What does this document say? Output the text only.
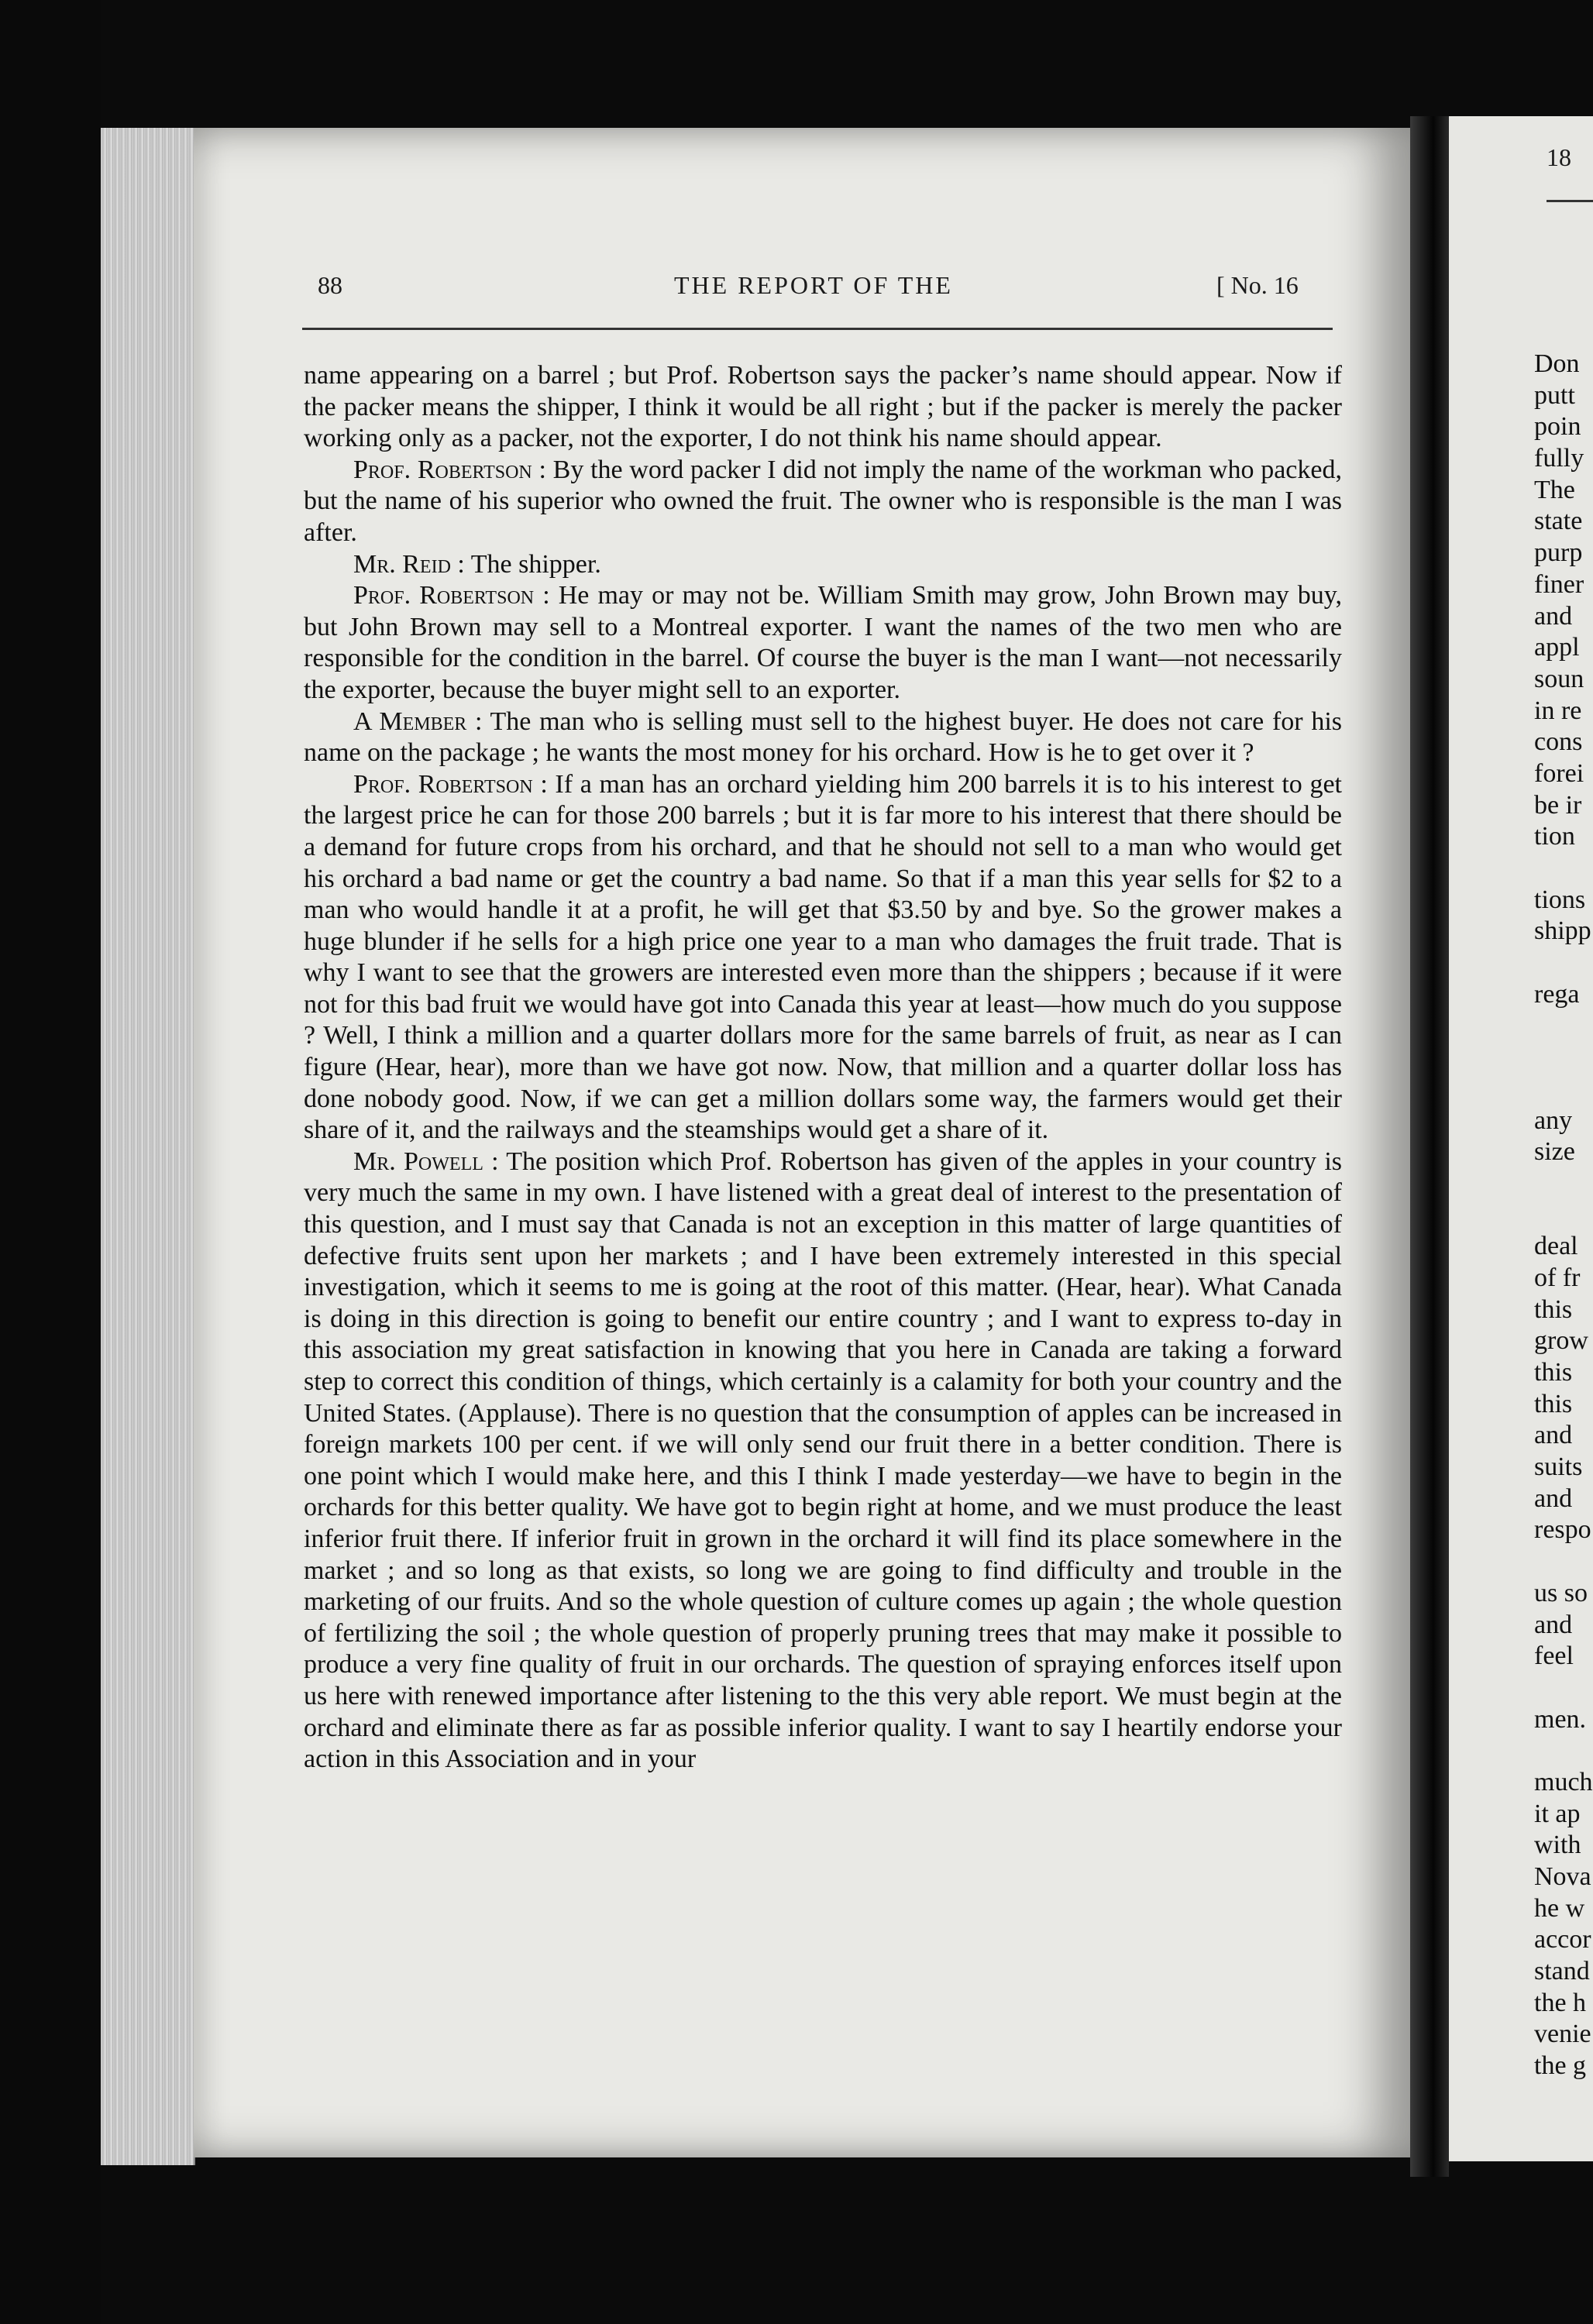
88	THE REPORT OF THE	[ No. 16

name appearing on a barrel ; but Prof. Robertson says the packer’s name should appear. Now if the packer means the shipper, I think it would be all right ; but if the packer is merely the packer working only as a packer, not the exporter, I do not think his name should appear.

Prof. Robertson : By the word packer I did not imply the name of the workman who packed, but the name of his superior who owned the fruit. The owner who is responsible is the man I was after.

Mr. Reid : The shipper.

Prof. Robertson : He may or may not be. William Smith may grow, John Brown may buy, but John Brown may sell to a Montreal exporter. I want the names of the two men who are responsible for the condition in the barrel. Of course the buyer is the man I want—not necessarily the exporter, because the buyer might sell to an exporter.

A Member : The man who is selling must sell to the highest buyer. He does not care for his name on the package ; he wants the most money for his orchard. How is he to get over it ?

Prof. Robertson : If a man has an orchard yielding him 200 barrels it is to his interest to get the largest price he can for those 200 barrels ; but it is far more to his interest that there should be a demand for future crops from his orchard, and that he should not sell to a man who would get his orchard a bad name or get the country a bad name. So that if a man this year sells for $2 to a man who would handle it at a profit, he will get that $3.50 by and bye. So the grower makes a huge blunder if he sells for a high price one year to a man who damages the fruit trade. That is why I want to see that the growers are interested even more than the shippers ; because if it were not for this bad fruit we would have got into Canada this year at least—how much do you suppose ? Well, I think a million and a quarter dollars more for the same barrels of fruit, as near as I can figure (Hear, hear), more than we have got now. Now, that million and a quarter dollar loss has done nobody good. Now, if we can get a million dollars some way, the farmers would get their share of it, and the railways and the steamships would get a share of it.

Mr. Powell : The position which Prof. Robertson has given of the apples in your country is very much the same in my own. I have listened with a great deal of interest to the presentation of this question, and I must say that Canada is not an exception in this matter of large quantities of defective fruits sent upon her markets ; and I have been extremely interested in this special investigation, which it seems to me is going at the root of this matter. (Hear, hear). What Canada is doing in this direction is going to benefit our entire country ; and I want to express to-day in this association my great satisfaction in knowing that you here in Canada are taking a forward step to correct this condition of things, which certainly is a calamity for both your country and the United States. (Applause). There is no question that the consumption of apples can be increased in foreign markets 100 per cent. if we will only send our fruit there in a better condition. There is one point which I would make here, and this I think I made yesterday—we have to begin in the orchards for this better quality. We have got to begin right at home, and we must produce the least inferior fruit there. If inferior fruit in grown in the orchard it will find its place somewhere in the market ; and so long as that exists, so long we are going to find difficulty and trouble in the marketing of our fruits. And so the whole question of culture comes up again ; the whole question of fertilizing the soil ; the whole question of properly pruning trees that may make it possible to produce a very fine quality of fruit in our orchards. The question of spraying enforces itself upon us here with renewed importance after listening to the this very able report. We must begin at the orchard and eliminate there as far as possible inferior quality. I want to say I heartily endorse your action in this Association and in your

18
Don
putt
poin
fully
The
state
purp
finer
and
appl
soun
in re
cons
forei
be ir
tion
tions
shipp
rega
any
size
deal
of fr
this
grow
this
this
and
suits
and
respo
us so
and
feel
men.
much
it ap
with
Nova
he w
accor
stand
the h
venie
the g
